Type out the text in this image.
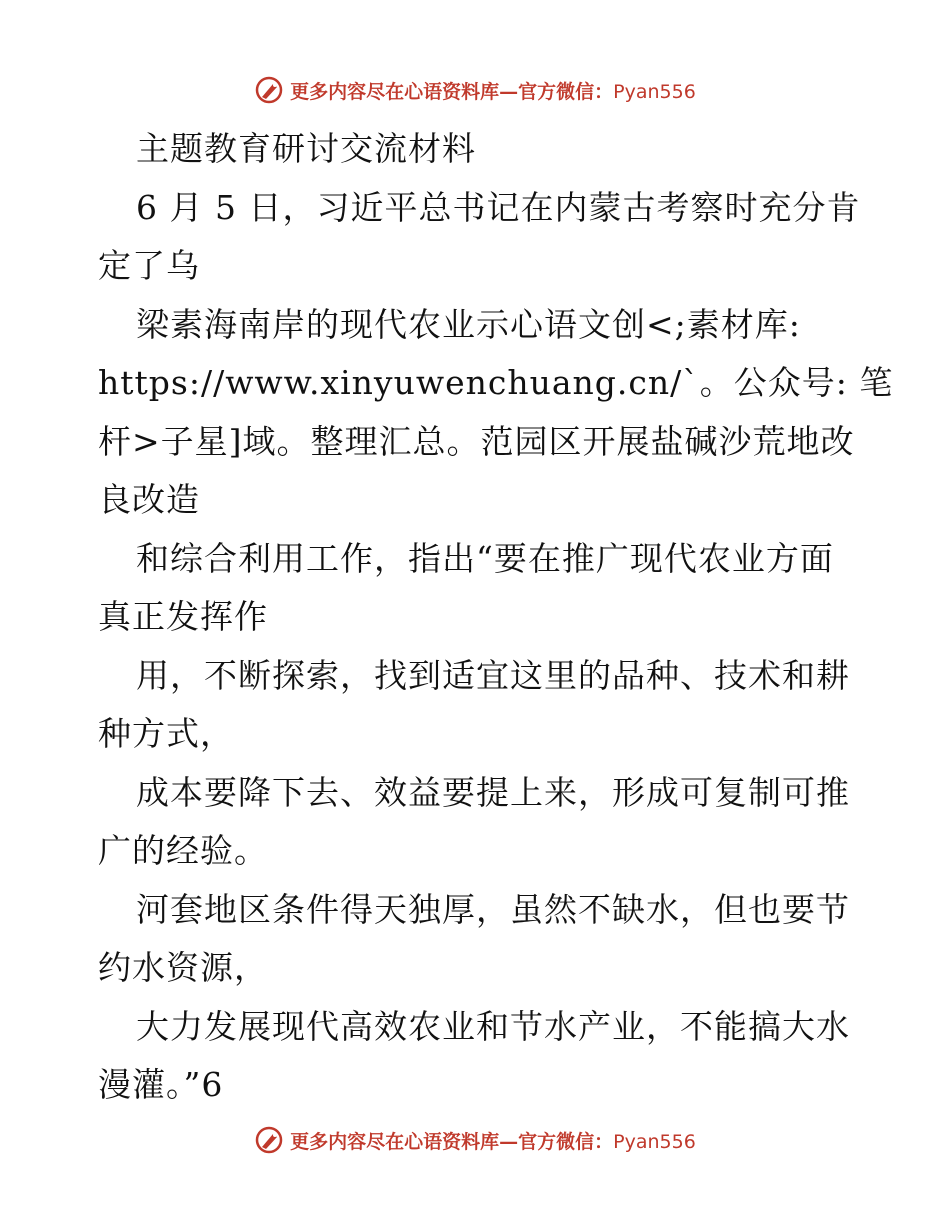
更多内容尽在心语资料库—官方微信：Pyan556
主题教育研讨交流材料
6 月 5 日，习近平总书记在内蒙古考察时充分肯
定了乌
梁素海南岸的现代农业示心语文创<;素材库:
https://www.xinyuwenchuang.cn/`。公众号: 笔
杆>子星]域。整理汇总。范园区开展盐碱沙荒地改
良改造
和综合利用工作，指出“要在推广现代农业方面
真正发挥作
用，不断探索，找到适宜这里的品种、技术和耕
种方式，
成本要降下去、效益要提上来，形成可复制可推
广的经验。
河套地区条件得天独厚，虽然不缺水，但也要节
约水资源，
大力发展现代高效农业和节水产业，不能搞大水
漫灌。”6
更多内容尽在心语资料库—官方微信：Pyan556
